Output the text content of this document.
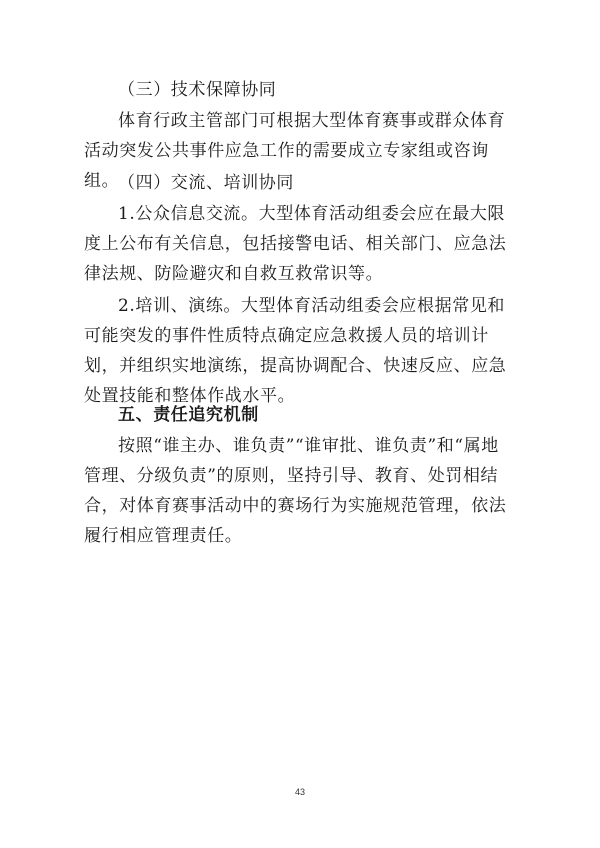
（三）技术保障协同

体育行政主管部门可根据大型体育赛事或群众体育活动突发公共事件应急工作的需要成立专家组或咨询组。

（四）交流、培训协同

1.公众信息交流。大型体育活动组委会应在最大限度上公布有关信息，包括接警电话、相关部门、应急法律法规、防险避灾和自救互救常识等。

2.培训、演练。大型体育活动组委会应根据常见和可能突发的事件性质特点确定应急救援人员的培训计划，并组织实地演练，提高协调配合、快速反应、应急处置技能和整体作战水平。

五、责任追究机制

按照“谁主办、谁负责”“谁审批、谁负责”和“属地管理、分级负责”的原则，坚持引导、教育、处罚相结合，对体育赛事活动中的赛场行为实施规范管理，依法履行相应管理责任。

43
